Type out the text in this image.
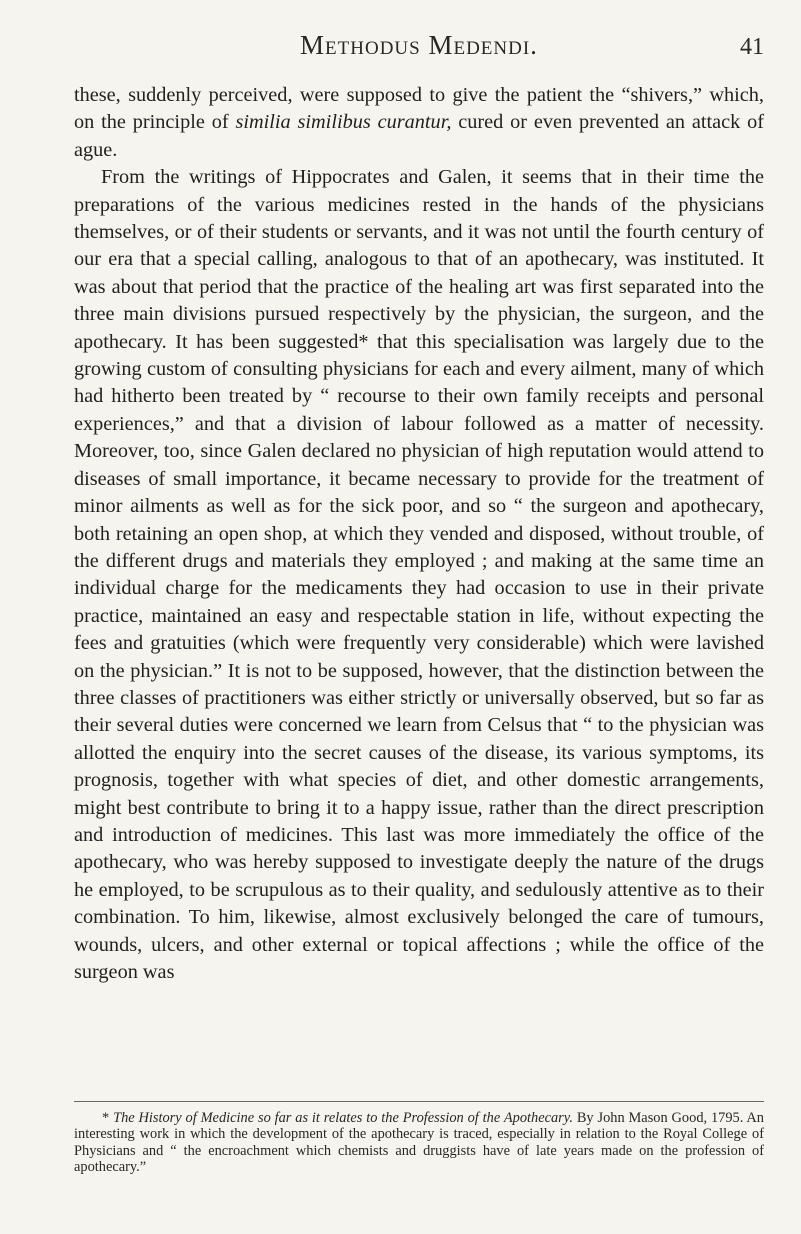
Methodus Medendi.	41

these, suddenly perceived, were supposed to give the patient the “shivers,” which, on the principle of similia similibus curantur, cured or even prevented an attack of ague.

From the writings of Hippocrates and Galen, it seems that in their time the preparations of the various medicines rested in the hands of the physicians themselves, or of their students or servants, and it was not until the fourth century of our era that a special calling, analogous to that of an apothecary, was instituted. It was about that period that the practice of the healing art was first separated into the three main divisions pursued respectively by the physician, the surgeon, and the apothecary. It has been suggested* that this specialisation was largely due to the growing custom of consulting physicians for each and every ailment, many of which had hitherto been treated by “ recourse to their own family receipts and personal experiences,” and that a division of labour followed as a matter of necessity. Moreover, too, since Galen declared no physician of high reputation would attend to diseases of small importance, it became necessary to provide for the treatment of minor ailments as well as for the sick poor, and so “ the surgeon and apothecary, both retaining an open shop, at which they vended and disposed, without trouble, of the different drugs and materials they employed ; and making at the same time an individual charge for the medicaments they had occasion to use in their private practice, maintained an easy and respectable station in life, without expecting the fees and gratuities (which were frequently very considerable) which were lavished on the physician.” It is not to be supposed, however, that the distinction between the three classes of practitioners was either strictly or universally observed, but so far as their several duties were concerned we learn from Celsus that “ to the physician was allotted the enquiry into the secret causes of the disease, its various symptoms, its prognosis, together with what species of diet, and other domestic arrangements, might best contribute to bring it to a happy issue, rather than the direct prescription and introduction of medicines. This last was more immediately the office of the apothecary, who was hereby supposed to investigate deeply the nature of the drugs he employed, to be scrupulous as to their quality, and sedulously attentive as to their combination. To him, likewise, almost exclusively belonged the care of tumours, wounds, ulcers, and other external or topical affections ; while the office of the surgeon was

* The History of Medicine so far as it relates to the Profession of the Apothecary. By John Mason Good, 1795. An interesting work in which the development of the apothecary is traced, especially in relation to the Royal College of Physicians and “ the encroachment which chemists and druggists have of late years made on the profession of apothecary.”
